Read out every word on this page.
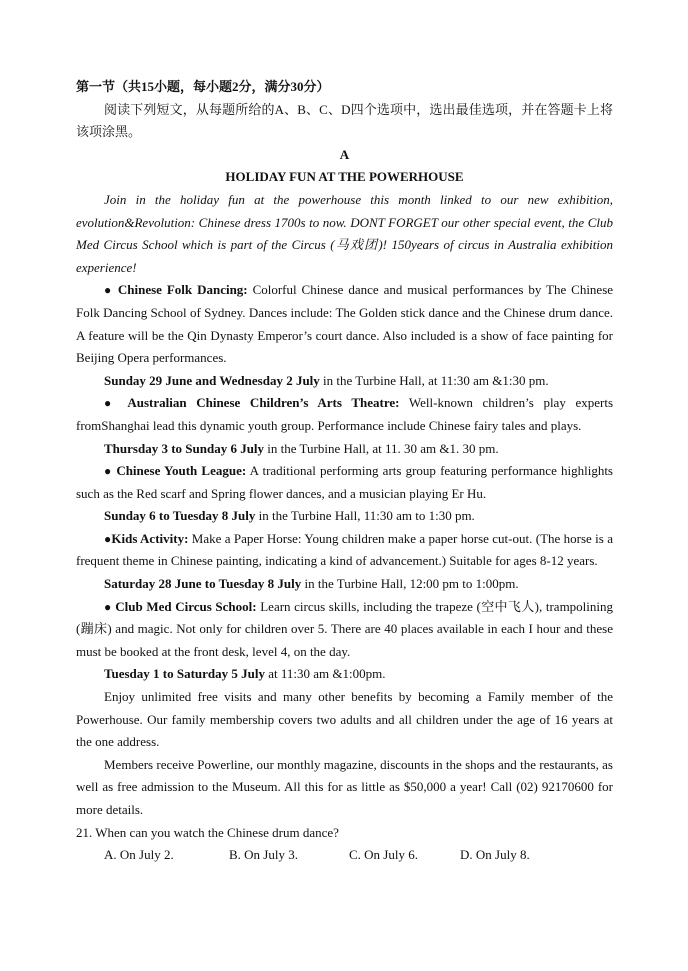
第一节（共15小题，每小题2分，满分30分）

阅读下列短文，从每题所给的A、B、C、D四个选项中，选出最佳选项，并在答题卡上将该项涂黑。

A

HOLIDAY FUN AT THE POWERHOUSE

Join in the holiday fun at the powerhouse this month linked to our new exhibition, evolution&Revolution: Chinese dress 1700s to now. DONT FORGET our other special event, the Club Med Circus School which is part of the Circus (马戏团)! 150years of circus in Australia exhibition experience!

● Chinese Folk Dancing: Colorful Chinese dance and musical performances by The Chinese Folk Dancing School of Sydney. Dances include: The Golden stick dance and the Chinese drum dance. A feature will be the Qin Dynasty Emperor’s court dance. Also included is a show of face painting for Beijing Opera performances.

Sunday 29 June and Wednesday 2 July in the Turbine Hall, at 11:30 am &1:30 pm.

● Australian Chinese Children’s Arts Theatre: Well-known children’s play experts fromShanghai lead this dynamic youth group. Performance include Chinese fairy tales and plays.

Thursday 3 to Sunday 6 July in the Turbine Hall, at 11. 30 am &1. 30 pm.

● Chinese Youth League: A traditional performing arts group featuring performance highlights such as the Red scarf and Spring flower dances, and a musician playing Er Hu.

Sunday 6 to Tuesday 8 July in the Turbine Hall, 11:30 am to 1:30 pm.

●Kids Activity: Make a Paper Horse: Young children make a paper horse cut-out. (The horse is a frequent theme in Chinese painting, indicating a kind of advancement.) Suitable for ages 8-12 years.

Saturday 28 June to Tuesday 8 July in the Turbine Hall, 12:00 pm to 1:00pm.

● Club Med Circus School: Learn circus skills, including the trapeze (空中飞人), trampolining (蹦床) and magic. Not only for children over 5. There are 40 places available in each I hour and these must be booked at the front desk, level 4, on the day.

Tuesday 1 to Saturday 5 July at 11:30 am &1:00pm.

Enjoy unlimited free visits and many other benefits by becoming a Family member of the Powerhouse. Our family membership covers two adults and all children under the age of 16 years at the one address.

Members receive Powerline, our monthly magazine, discounts in the shops and the restaurants, as well as free admission to the Museum. All this for as little as $50,000 a year! Call (02) 92170600 for more details.

21. When can you watch the Chinese drum dance?

A. On July 2.	B. On July 3.	C. On July 6.	D. On July 8.
